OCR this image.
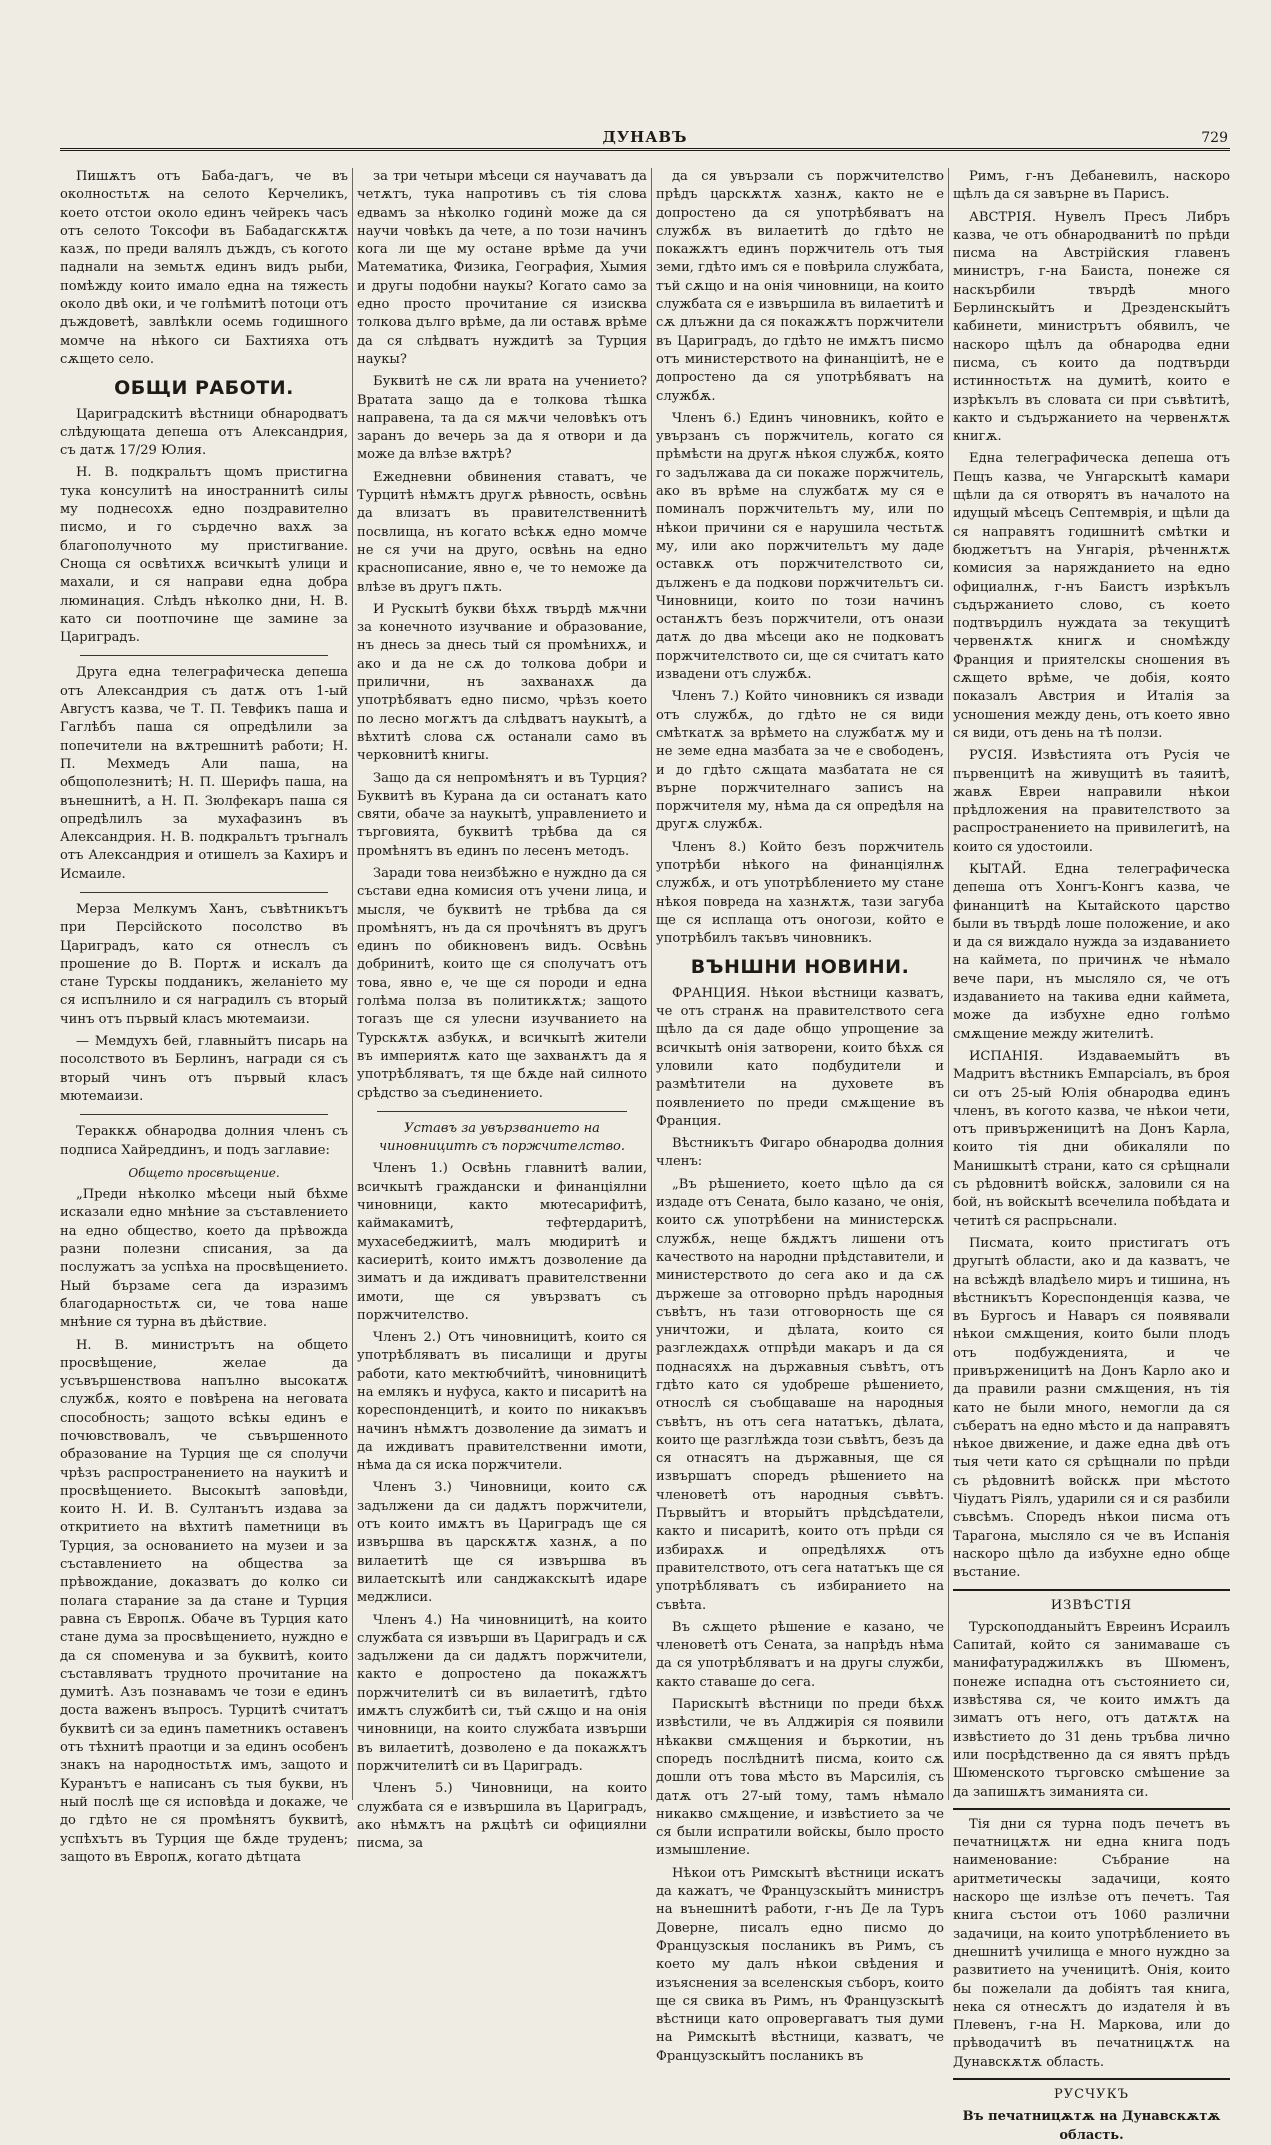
ДУНАВЪ	729

Пишѫтъ отъ Баба-дагъ, че въ околностьтѫ на селото Керчеликъ, което отстои около единъ чейрекъ часъ отъ селото Токсофи въ Бабадагскѫтѫ казѫ, по преди валялъ дъждъ, съ когото паднали на земьтѫ единъ видъ рыби, помѣжду които имало една на тяжесть около двѣ оки, и че голѣмитѣ потоци отъ дъждоветѣ, завлѣкли осемь годишного момче на нѣкого си Бахтияха отъ сѫщето село.

ОБЩИ РАБОТИ.

Цариградскитѣ вѣстници обнародватъ слѣдующата депеша отъ Александрия, съ датѫ 17/29 Юлия.

Н. В. подкральтъ щомъ пристигна тука консулитѣ на иностраннитѣ силы му поднесохѫ едно поздравително писмо, и го сърдечно вахѫ за благополучното му пристигвание. Сноща ся освѣтихѫ всичкытѣ улици и махали, и ся направи една добра люминация. Слѣдъ нѣколко дни, Н. В. като си поотпочине ще замине за Цариградъ.

Друга една телеграфическа депеша отъ Александрия съ датѫ отъ 1-ый Августъ казва, че Т. П. Тевфикъ паша и Гаглѣбъ паша ся опредѣлили за попечители на вѫтрешнитѣ работи; Н. П. Мехмедъ Али паша, на общополезнитѣ; Н. П. Шерифъ паша, на вънешнитѣ, а Н. П. Зюлфекаръ паша ся опредѣлилъ за мухафазинъ въ Александрия. Н. В. подкральтъ тръгналъ отъ Александрия и отишелъ за Кахиръ и Исмаиле.

Мерза Мелкумъ Ханъ, съвѣтникътъ при Персійското посолство въ Цариградъ, като ся отнеслъ съ прошение до В. Портѫ и искалъ да стане Турскы подданикъ, желаніето му ся испълнило и ся наградилъ съ вторый чинъ отъ първый класъ мютемаизи.

— Мемдухъ бей, главныйтъ писарь на посолството въ Берлинъ, награди ся съ вторый чинъ отъ първый класъ мютемаизи.

Тераккѫ обнародва долния членъ съ подписа Хайреддинъ, и подъ заглавие:

Общето просвѣщение.

„Преди нѣколко мѣсеци ный бѣхме исказали едно мнѣние за съставлението на едно общество, което да прѣвожда разни полезни списания, за да послужатъ за успѣха на просвѣщението. Ный бързаме сега да изразимъ благодарностьтѫ си, че това наше мнѣние ся турна въ дѣйствие.

Н. В. министрътъ на общето просвѣщение, желае да усъвършенствова напълно высокатѫ службѫ, която е повѣрена на неговата способность; защото всѣкы единъ е почювствовалъ, че съвършенното образование на Турция ще ся сполучи чрѣзъ распространението на наукитѣ и просвѣщението. Высокытѣ заповѣди, които Н. И. В. Султанътъ издава за откритието на вѣхтитѣ паметници въ Турция, за основанието на музеи и за съставлението на общества за прѣвождание, доказватъ до колко си полага старание за да стане и Турция равна съ Европѫ. Обаче въ Турция като стане дума за просвѣщението, нуждно е да ся споменува и за буквитѣ, които съставляватъ трудното прочитание на думитѣ. Азъ познавамъ че този е единъ доста важенъ въпросъ. Турцитѣ считатъ буквитѣ си за единъ паметникъ оставенъ отъ тѣхнитѣ праотци и за единъ особенъ знакъ на народностьтѫ имъ, защото и Куранътъ е написанъ съ тыя букви, нъ ный послѣ ще ся исповѣда и докаже, че до гдѣто не ся промѣнятъ буквитѣ, успѣхътъ въ Турция ще бѫде труденъ; защото въ Европѫ, когато дѣтцата

за три четыри мѣсеци ся научаватъ да четѫтъ, тука напротивъ съ тія слова едвамъ за нѣколко годинѝ може да ся научи човѣкъ да чете, а по този начинъ кога ли ще му остане врѣме да учи Математика, Физика, География, Хымия и другы подобни наукы? Когато само за едно просто прочитание ся изисква толкова дълго врѣме, да ли оставѫ врѣме да ся слѣдватъ нуждитѣ за Турция наукы?

Буквитѣ не сѫ ли врата на учението? Вратата защо да е толкова тѣшка направена, та да ся мѫчи человѣкъ отъ заранъ до вечерь за да я отвори и да може да влѣзе вѫтрѣ?

Ежедневни обвинения ставатъ, че Турцитѣ нѣмѫтъ другѫ рѣвность, освѣнь да влизатъ въ правителственнитѣ посвлища, нъ когато всѣкѫ едно момче не ся учи на друго, освѣнь на едно краснописание, явно е, че то неможе да влѣзе въ другъ пѫть.

И Рускытѣ букви бѣхѫ твърдѣ мѫчни за конечното изучвание и образование, нъ днесь за днесь тый ся промѣнихѫ, и ако и да не сѫ до толкова добри и прилични, нъ захванахѫ да употрѣбяватъ едно писмо, чрѣзъ което по лесно могѫтъ да слѣдватъ наукытѣ, а вѣхтитѣ слова сѫ останали само въ черковнитѣ книгы.

Защо да ся непромѣнятъ и въ Турция? Буквитѣ въ Курана да си останатъ като святи, обаче за наукытѣ, управлението и търговията, буквитѣ трѣбва да ся промѣнятъ въ единъ по лесенъ методъ.

Заради това неизбѣжно е нуждно да ся състави една комисия отъ учени лица, и мысля, че буквитѣ не трѣбва да ся промѣнятъ, нъ да ся прочѣнятъ въ другъ единъ по обикновенъ видъ. Освѣнь добринитѣ, които ще ся сполучатъ отъ това, явно е, че ще ся породи и една голѣма полза въ политикѫтѫ; защото тогазъ ще ся улесни изучванието на Турскѫтѫ азбукѫ, и всичкытѣ жители въ империятѫ като ще захванѫтъ да я употрѣбляватъ, тя ще бѫде най силното срѣдство за съединението.

Уставъ за увързванието на чиновницитѣ съ поржчителство.

Членъ 1.) Освѣнь главнитѣ валии, всичкытѣ граждански и финанціялни чиновници, както мютесарифитѣ, каймакамитѣ, тефтердаритѣ, мухасебеджиитѣ, малъ мюдиритѣ и касиеритѣ, които имѫтъ дозволение да зиматъ и да иждиватъ правителственни имоти, ще ся увързватъ съ поржчителство.

Членъ 2.) Отъ чиновницитѣ, които ся употрѣбляватъ въ писалищи и другы работи, като мектюбчийтѣ, чиновницитѣ на емлякъ и нуфуса, както и писаритѣ на кореспонденцитѣ, и които по никакъвъ начинъ нѣмѫтъ дозволение да зиматъ и да иждиватъ правителственни имоти, нѣма да ся иска поржчители.

Членъ 3.) Чиновници, които сѫ задължени да си дадѫтъ поржчители, отъ които имѫтъ въ Цариградъ ще ся извършва въ царскѫтѫ хазнѫ, а по вилаетитѣ ще ся извършва въ вилаетскытѣ или санджакскытѣ идаре меджлиси.

Членъ 4.) На чиновницитѣ, на които службата ся извърши въ Цариградъ и сѫ задължени да си дадѫтъ поржчители, както е допростено да покажѫтъ поржчителитѣ си въ вилаетитѣ, гдѣто имѫтъ службитѣ си, тъй сѫщо и на онія чиновници, на които службата извърши въ вилаетитѣ, дозволено е да покажѫтъ поржчителитѣ си въ Цариградъ.

Членъ 5.) Чиновници, на които службата ся е извършила въ Цариградъ, ако нѣмѫтъ на рѫцѣтѣ си официялни писма, за

да ся увързали съ поржчителство прѣдъ царскѫтѫ хазнѫ, както не е допростено да ся употрѣбяватъ на службѫ въ вилаетитѣ до гдѣто не покажѫтъ единъ поржчитель отъ тыя земи, гдѣто имъ ся е повѣрила службата, тъй сѫщо и на онія чиновници, на които службата ся е извършила въ вилаетитѣ и сѫ длъжни да ся покажѫтъ поржчители въ Цариградъ, до гдѣто не имѫтъ писмо отъ министерството на финанціитѣ, не е допростено да ся употрѣбяватъ на службѫ.

Членъ 6.) Единъ чиновникъ, който е увързанъ съ поржчитель, когато ся прѣмѣсти на другѫ нѣкоя службѫ, която го задължава да си покаже поржчитель, ако въ врѣме на службатѫ му ся е поминалъ поржчительтъ му, или по нѣкои причини ся е нарушила честьтѫ му, или ако поржчительтъ му даде оставкѫ отъ поржчителството си, дълженъ е да подкови поржчительтъ си. Чиновници, които по този начинъ останѫтъ безъ поржчители, отъ онази датѫ до два мѣсеци ако не подковатъ поржчителството си, ще ся считатъ като извадени отъ службѫ.

Членъ 7.) Който чиновникъ ся извади отъ службѫ, до гдѣто не ся види смѣткатѫ за врѣмето на службатѫ му и не земе една мазбата за че е свободенъ, и до гдѣто сѫщата мазбатата не ся върне поржчителнаго записъ на поржчителя му, нѣма да ся опредѣля на другѫ службѫ.

Членъ 8.) Който безъ поржчитель употрѣби нѣкого на финанціялнѫ службѫ, и отъ употрѣблението му стане нѣкоя повреда на хазнѫтѫ, тази загуба ще ся исплаща отъ оногози, който е употрѣбилъ такъвъ чиновникъ.

ВЪНШНИ НОВИНИ.

ФРАНЦИЯ. Нѣкои вѣстници казватъ, че отъ странѫ на правителството сега щѣло да ся даде общо упрощение за всичкытѣ онія затворени, които бѣхѫ ся уловили като подбудители и размѣтители на духовете въ появлението по преди смѫщение въ Франция.

Вѣстникътъ Фигаро обнародва долния членъ:

„Въ рѣшението, което щѣло да ся издаде отъ Сената, было казано, че онія, които сѫ употрѣбени на министерскѫ службѫ, неще бѫдѫтъ лишени отъ качеството на народни прѣдставители, и министерството до сега ако и да сѫ държеше за отговорно прѣдъ народныя съвѣтъ, нъ тази отговорность ще ся уничтожи, и дѣлата, които ся разглеждахѫ отпрѣди макаръ и да ся поднасяхѫ на държавныя съвѣтъ, отъ гдѣто като ся удобреше рѣшението, относлѣ ся съобщаваше на народныя съвѣтъ, нъ отъ сега нататъкъ, дѣлата, които ще разглѣжда този съвѣтъ, безъ да ся отнасятъ на държавныя, ще ся извършатъ споредъ рѣшението на членоветѣ отъ народныя съвѣтъ. Първыйтъ и вторыйтъ прѣдсѣдатели, както и писаритѣ, които отъ прѣди ся избирахѫ и опредѣляхѫ отъ правителството, отъ сега нататъкъ ще ся употрѣбляватъ съ избиранието на съвѣта.

Въ сѫщето рѣшение е казано, че членоветѣ отъ Сената, за напрѣдъ нѣма да ся употрѣбляватъ и на другы служби, както ставаше до сега.

Парискытѣ вѣстници по преди бѣхѫ извѣстили, че въ Алджирія ся появили нѣкакви смѫщения и бъркотии, нъ споредъ послѣднитѣ писма, които сѫ дошли отъ това мѣсто въ Марсилія, съ датѫ отъ 27-ый тому, тамъ нѣмало никакво смѫщение, и извѣстието за че ся были испратили войскы, было просто измышление.

Нѣкои отъ Римскытѣ вѣстници искатъ да кажатъ, че Французскыйтъ министръ на вънешнитѣ работи, г-нъ Де ла Туръ Доверне, писалъ едно писмо до Французскыя посланикъ въ Римъ, съ което му далъ нѣкои свѣдения и изъяснения за вселенскыя съборъ, които ще ся свика въ Римъ, нъ Французскытѣ вѣстници като опровергаватъ тыя думи на Римскытѣ вѣстници, казватъ, че Французскыйтъ посланикъ въ

Римъ, г-нъ Дебаневилъ, наскоро щѣлъ да ся завърне въ Парисъ.

АВСТРІЯ. Нувелъ Пресъ Либръ казва, че отъ обнародванитѣ по прѣди писма на Австрійския главенъ министръ, г-на Баиста, понеже ся наскърбили твърдѣ много Берлинскыйтъ и Дрезденскыйтъ кабинети, министрътъ обявилъ, че наскоро щѣлъ да обнародва едни писма, съ които да подтвърди истинностьтѫ на думитѣ, които е изрѣкълъ въ словата си при съвѣтитѣ, както и съдържанието на червенѫтѫ книгѫ.

Една телеграфическа депеша отъ Пещъ казва, че Унгарскытѣ камари щѣли да ся отворятъ въ началото на идущый мѣсецъ Септемврія, и щѣли да ся направятъ годишнитѣ смѣтки и бюджетътъ на Унгарія, рѣченнѫтѫ комисия за наряжданието на едно официалнѫ, г-нъ Баистъ изрѣкълъ съдържанието слово, съ което подтвърдилъ нуждата за текущитѣ червенѫтѫ книгѫ и сномѣжду Франция и приятелскы сношения въ сѫщето врѣме, че добія, която показалъ Австрия и Италія за усношения между день, отъ което явно ся види, отъ день на тѣ ползи.

РУСІЯ. Извѣстията отъ Русія че първенцитѣ на живущитѣ въ таяитѣ, жавѫ Евреи направили нѣкои прѣдложения на правителството за распространението на привилегитѣ, на които ся удостоили.

КЫТАЙ. Една телеграфическа депеша отъ Хонгъ-Конгъ казва, че финанцитѣ на Кытайското царство были въ твърдѣ лоше положение, и ако и да ся виждало нужда за издаванието на каймета, по причинѫ че нѣмало вече пари, нъ мысляло ся, че отъ издаванието на такива едни каймета, може да избухне едно голѣмо смѫщение между жителитѣ.

ИСПАНІЯ. Издаваемыйтъ въ Мадритъ вѣстникъ Емпарсіалъ, въ броя си отъ 25-ый Юлія обнародва единъ членъ, въ когото казва, че нѣкои чети, отъ привърженицитѣ на Донъ Карла, които тія дни обикаляли по Манишкытѣ страни, като ся срѣщнали съ рѣдовнитѣ войскѫ, заловили ся на бой, нъ войскытѣ всечелила побѣдата и четитѣ ся распрьснали.

Писмата, които пристигатъ отъ другытѣ области, ако и да казватъ, че на всѣждѣ владѣело миръ и тишина, нъ вѣстникътъ Кореспонденція казва, че въ Бургосъ и Наваръ ся появявали нѣкои смѫщения, които были плодъ отъ подбужденията, и че привърженицитѣ на Донъ Карло ако и да правили разни смѫщения, нъ тія като не были много, немогли да ся събератъ на едно мѣсто и да направятъ нѣкое движение, и даже една двѣ отъ тыя чети като ся срѣщнали по прѣди съ рѣдовнитѣ войскѫ при мѣстото Чіудатъ Ріялъ, ударили ся и ся разбили съвсѣмъ. Споредъ нѣкои писма отъ Тарагона, мысляло ся че въ Испанія наскоро щѣло да избухне едно обще въстание.

ИЗВѢСТІЯ

Турскоподданыйтъ Евреинъ Исраилъ Сапитай, който ся занимаваше съ манифатураджилѫкъ въ Шюменъ, понеже испадна отъ състоянието си, извѣстява ся, че които имѫтъ да зиматъ отъ него, отъ датѫтѫ на извѣстието до 31 день тръбва лично или посрѣдственно да ся явятъ прѣдъ Шюменското търговско смѣшение за да запишѫтъ зиманията си.

Тія дни ся турна подъ печетъ въ печатницѫтѫ ни една книга подъ наименование: Събрание на аритметическы задачици, която наскоро ще излѣзе отъ печетъ. Тая книга състои отъ 1060 различни задачици, на които употрѣблението въ днешнитѣ училища е много нуждно за развитието на ученицитѣ. Онія, които бы пожелали да добіятъ тая книга, нека ся отнесѫтъ до издателя ѝ въ Плевенъ, г-на Н. Маркова, или до прѣводачитѣ въ печатницѫтѫ на Дунавскѫтѫ область.

РУСЧУКЪ
Въ печатницѫтѫ на Дунавскѫтѫ область.
